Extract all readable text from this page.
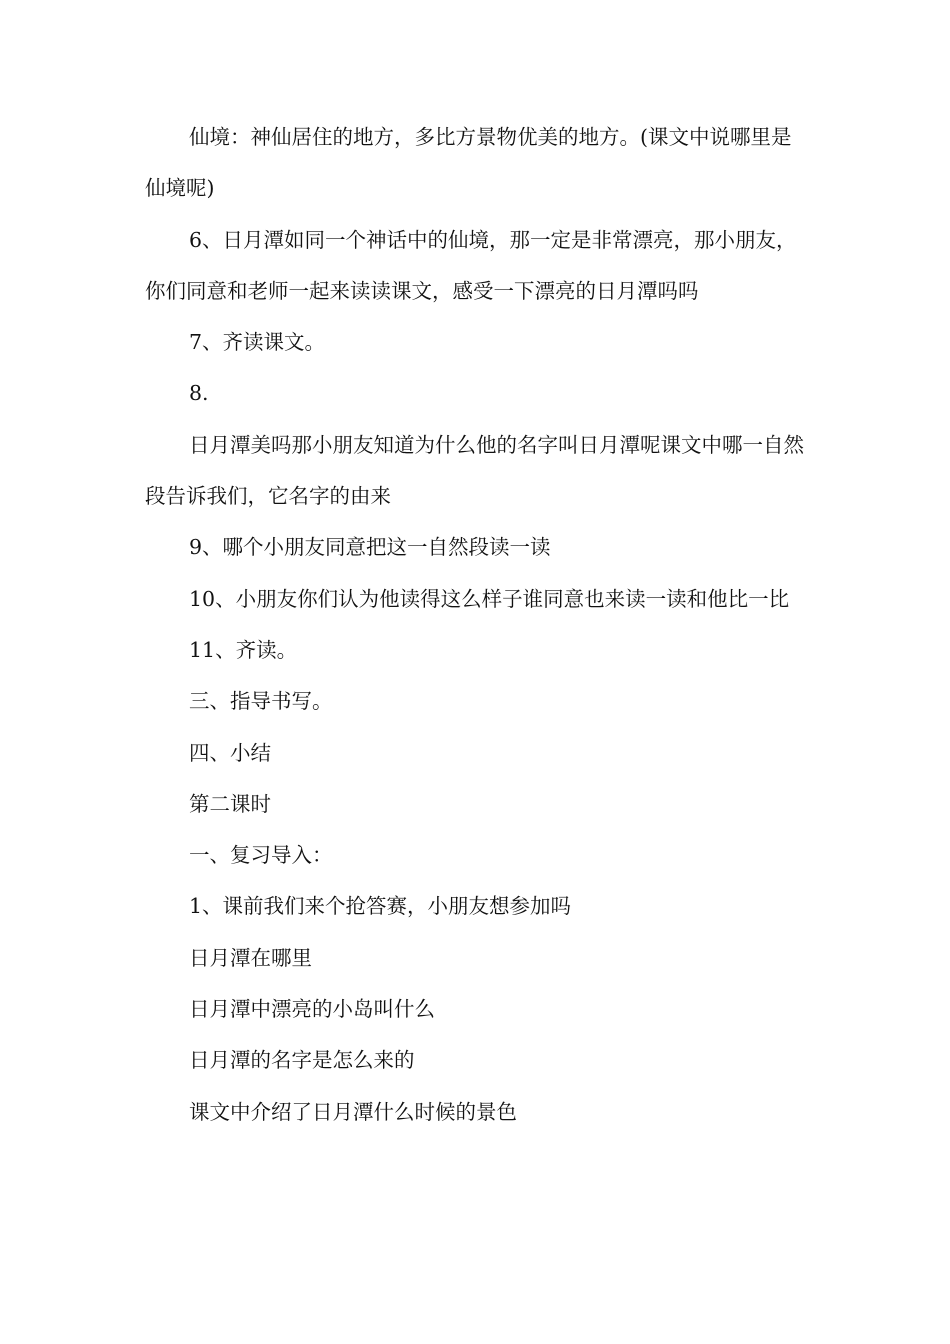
仙境：神仙居住的地方，多比方景物优美的地方。(课文中说哪里是仙境呢)

6、日月潭如同一个神话中的仙境，那一定是非常漂亮，那小朋友，你们同意和老师一起来读读课文，感受一下漂亮的日月潭吗吗

7、齐读课文。

8.

日月潭美吗那小朋友知道为什么他的名字叫日月潭呢课文中哪一自然段告诉我们，它名字的由来

9、哪个小朋友同意把这一自然段读一读

10、小朋友你们认为他读得这么样子谁同意也来读一读和他比一比

11、齐读。

三、指导书写。

四、小结

第二课时

一、复习导入：

1、课前我们来个抢答赛，小朋友想参加吗

日月潭在哪里

日月潭中漂亮的小岛叫什么

日月潭的名字是怎么来的

课文中介绍了日月潭什么时候的景色
